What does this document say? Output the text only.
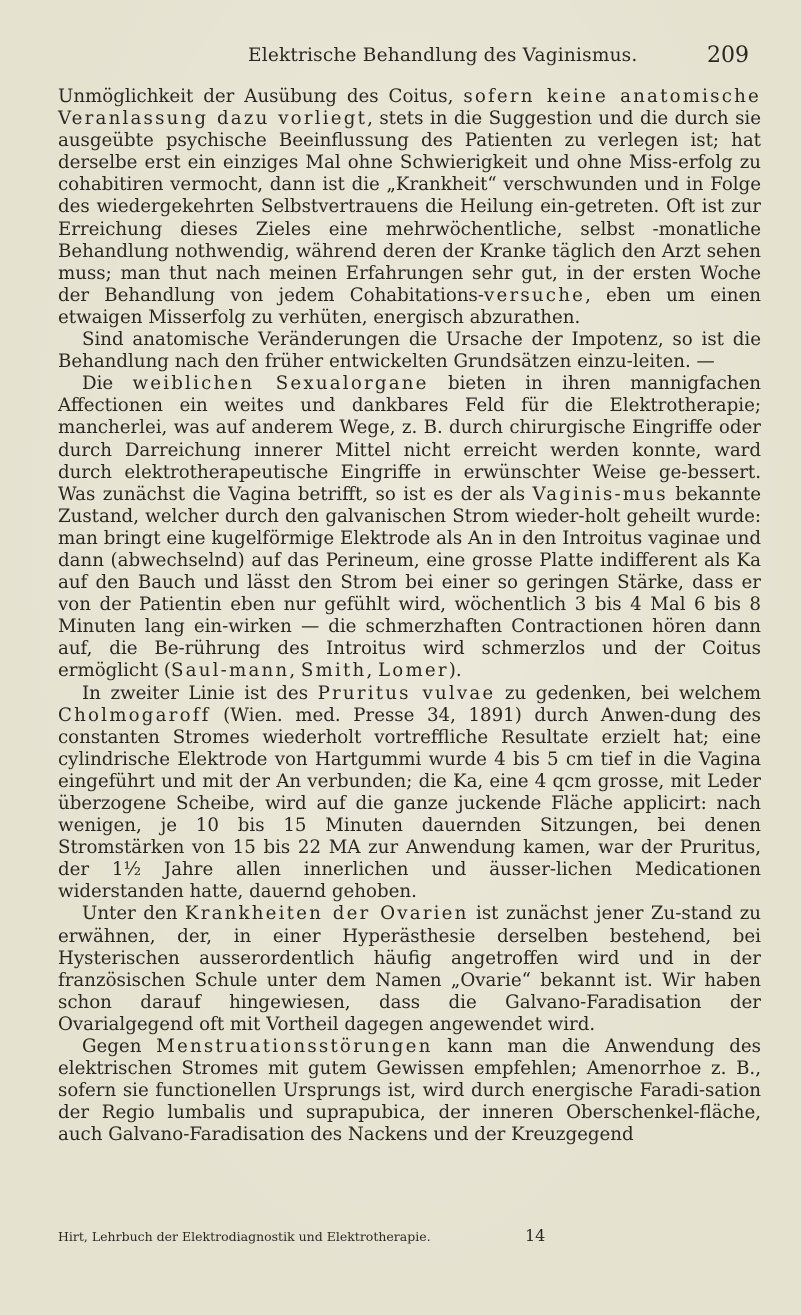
Elektrische Behandlung des Vaginismus.	209

Unmöglichkeit der Ausübung des Coitus, sofern keine anatomische Veranlassung dazu vorliegt, stets in die Suggestion und die durch sie ausgeübte psychische Beeinflussung des Patienten zu verlegen ist; hat derselbe erst ein einziges Mal ohne Schwierigkeit und ohne Miss-erfolg zu cohabitiren vermocht, dann ist die „Krankheit“ verschwunden und in Folge des wiedergekehrten Selbstvertrauens die Heilung ein-getreten. Oft ist zur Erreichung dieses Zieles eine mehrwöchentliche, selbst -monatliche Behandlung nothwendig, während deren der Kranke täglich den Arzt sehen muss; man thut nach meinen Erfahrungen sehr gut, in der ersten Woche der Behandlung von jedem Cohabitations-versuche, eben um einen etwaigen Misserfolg zu verhüten, energisch abzurathen.

Sind anatomische Veränderungen die Ursache der Impotenz, so ist die Behandlung nach den früher entwickelten Grundsätzen einzu-leiten. —

Die weiblichen Sexualorgane bieten in ihren mannigfachen Affectionen ein weites und dankbares Feld für die Elektrotherapie; mancherlei, was auf anderem Wege, z. B. durch chirurgische Eingriffe oder durch Darreichung innerer Mittel nicht erreicht werden konnte, ward durch elektrotherapeutische Eingriffe in erwünschter Weise ge-bessert. Was zunächst die Vagina betrifft, so ist es der als Vaginis-mus bekannte Zustand, welcher durch den galvanischen Strom wieder-holt geheilt wurde: man bringt eine kugelförmige Elektrode als An in den Introitus vaginae und dann (abwechselnd) auf das Perineum, eine grosse Platte indifferent als Ka auf den Bauch und lässt den Strom bei einer so geringen Stärke, dass er von der Patientin eben nur gefühlt wird, wöchentlich 3 bis 4 Mal 6 bis 8 Minuten lang ein-wirken — die schmerzhaften Contractionen hören dann auf, die Be-rührung des Introitus wird schmerzlos und der Coitus ermöglicht (Saul-mann, Smith, Lomer).

In zweiter Linie ist des Pruritus vulvae zu gedenken, bei welchem Cholmogaroff (Wien. med. Presse 34, 1891) durch Anwen-dung des constanten Stromes wiederholt vortreffliche Resultate erzielt hat; eine cylindrische Elektrode von Hartgummi wurde 4 bis 5 cm tief in die Vagina eingeführt und mit der An verbunden; die Ka, eine 4 qcm grosse, mit Leder überzogene Scheibe, wird auf die ganze juckende Fläche applicirt: nach wenigen, je 10 bis 15 Minuten dauernden Sitzungen, bei denen Stromstärken von 15 bis 22 MA zur Anwendung kamen, war der Pruritus, der 1½ Jahre allen innerlichen und äusser-lichen Medicationen widerstanden hatte, dauernd gehoben.

Unter den Krankheiten der Ovarien ist zunächst jener Zu-stand zu erwähnen, der, in einer Hyperästhesie derselben bestehend, bei Hysterischen ausserordentlich häufig angetroffen wird und in der französischen Schule unter dem Namen „Ovarie“ bekannt ist. Wir haben schon darauf hingewiesen, dass die Galvano-Faradisation der Ovarialgegend oft mit Vortheil dagegen angewendet wird.

Gegen Menstruationsstörungen kann man die Anwendung des elektrischen Stromes mit gutem Gewissen empfehlen; Amenorrhoe z. B., sofern sie functionellen Ursprungs ist, wird durch energische Faradi-sation der Regio lumbalis und suprapubica, der inneren Oberschenkel-fläche, auch Galvano-Faradisation des Nackens und der Kreuzgegend

Hirt, Lehrbuch der Elektrodiagnostik und Elektrotherapie.	14
